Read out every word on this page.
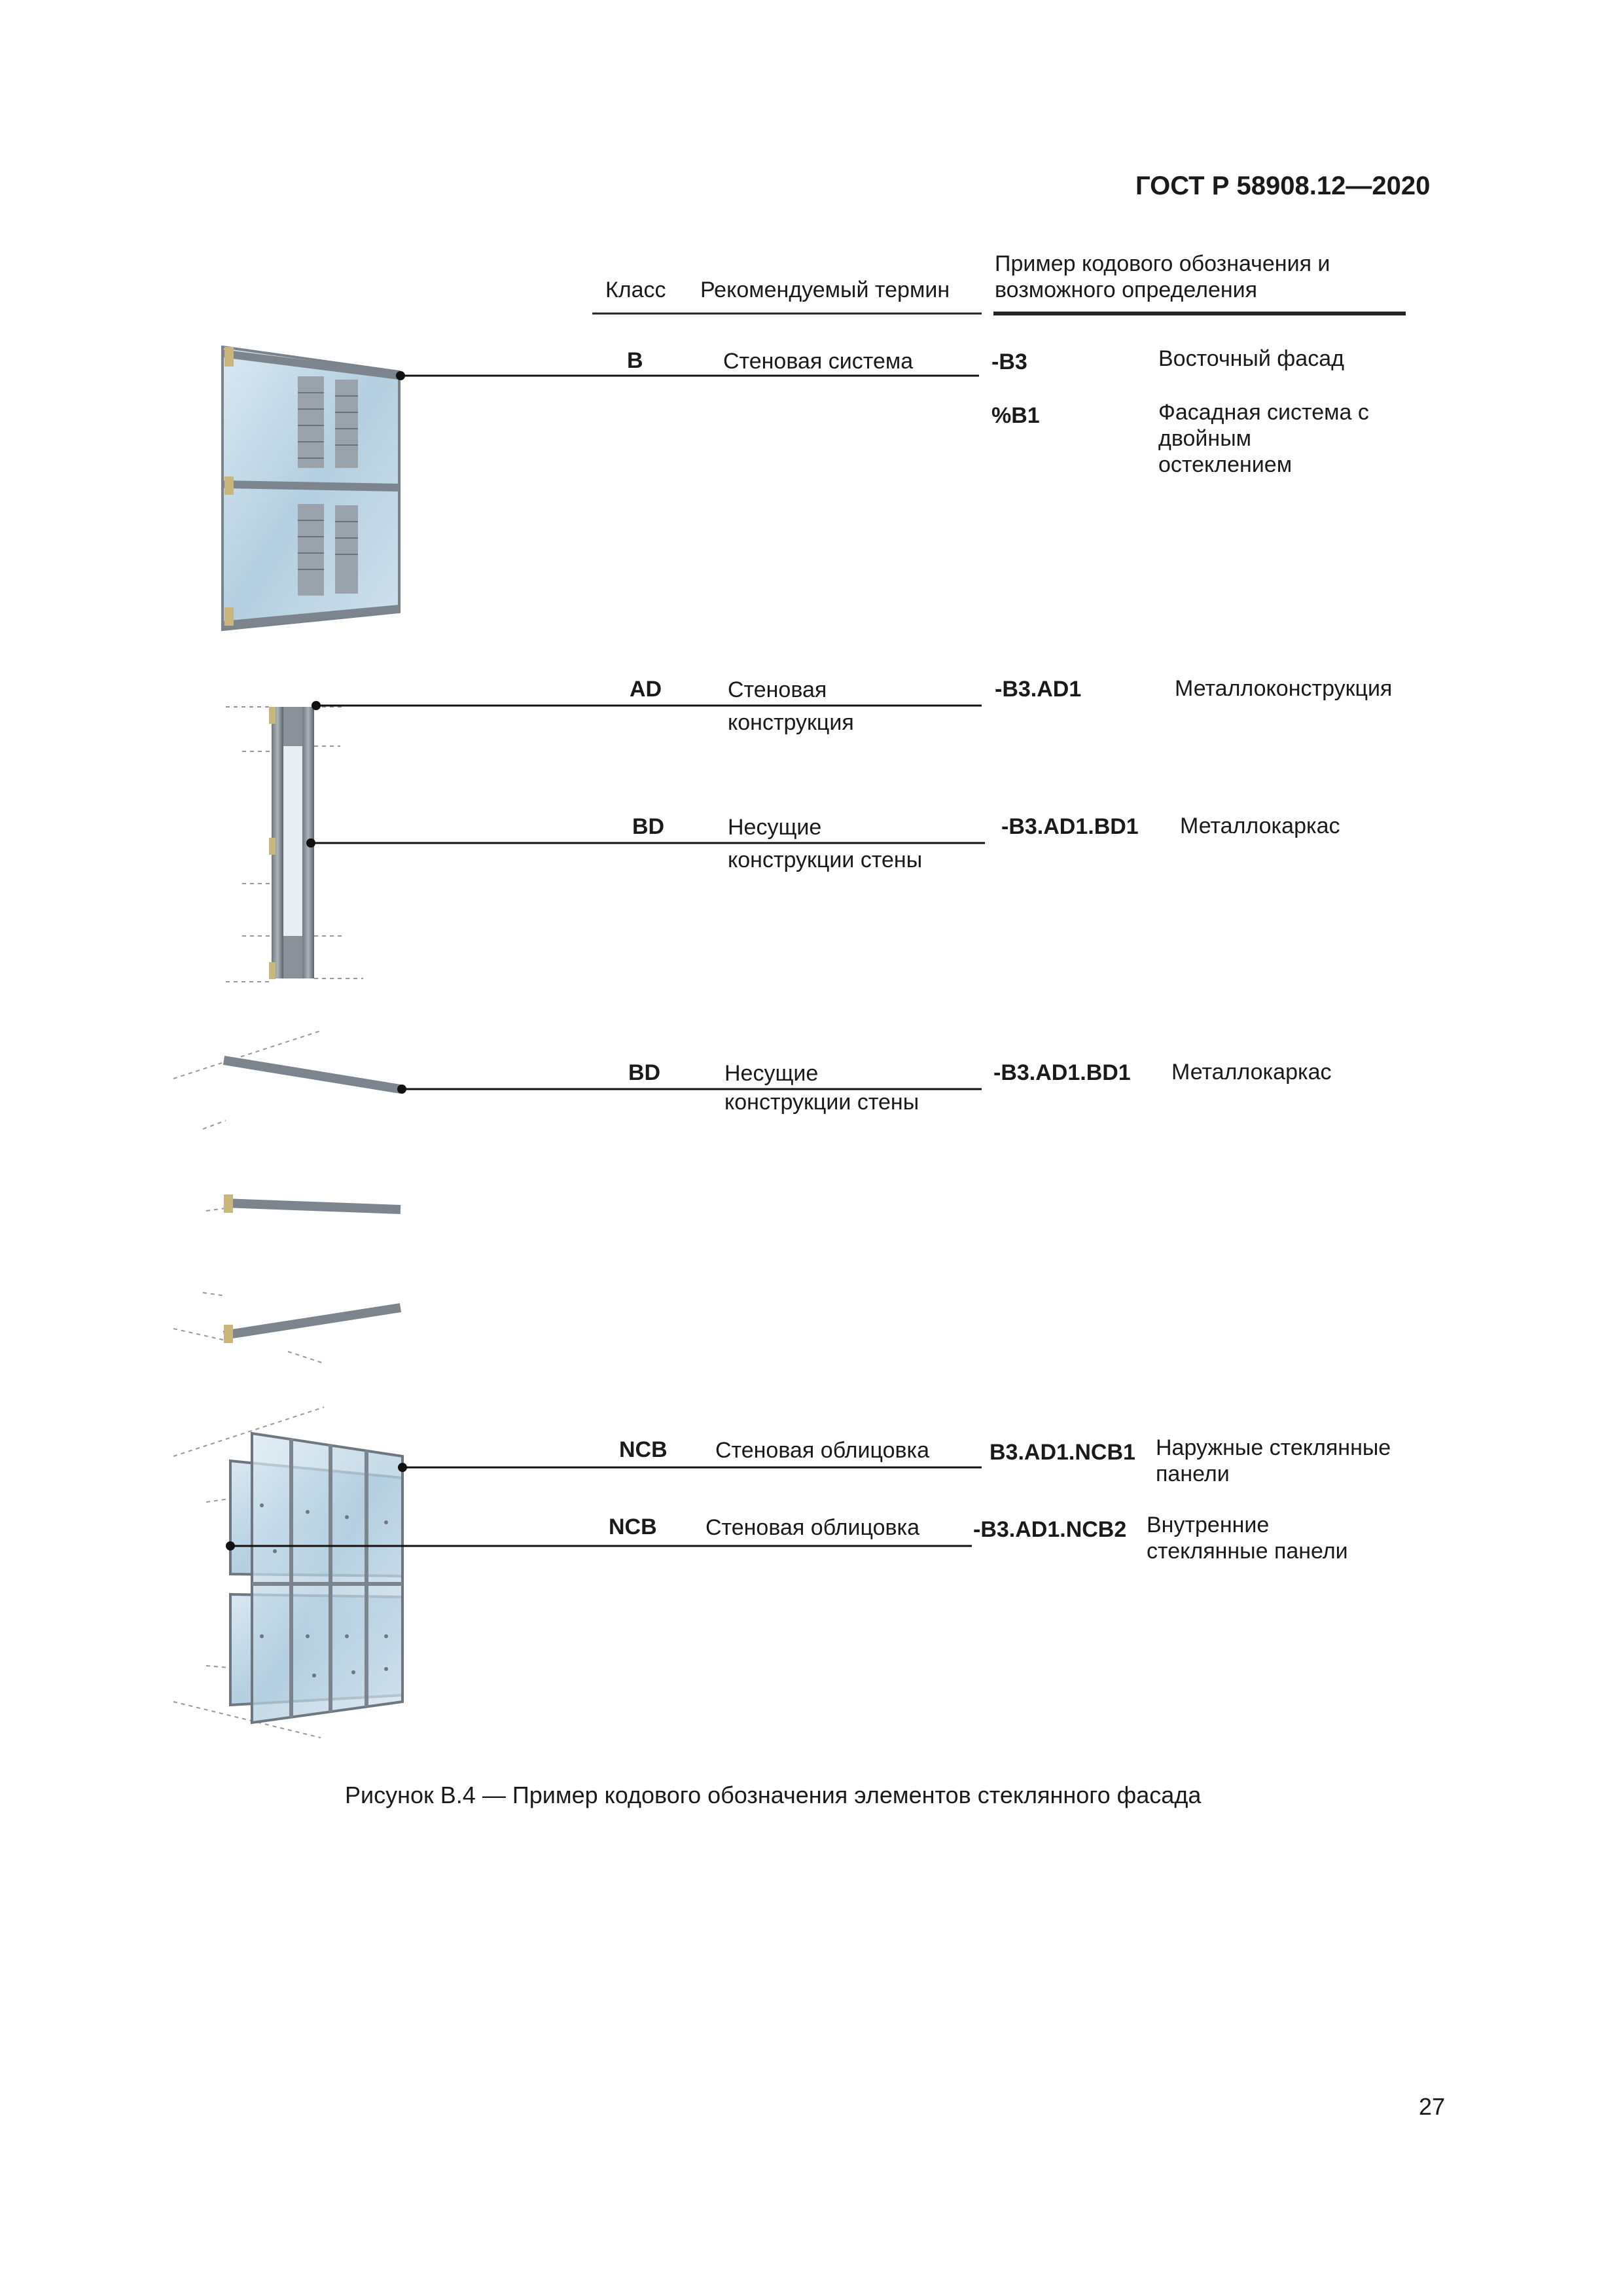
ГОСТ Р 58908.12—2020
Класс Рекомендуемый термин
Пример кодового обозначения и
возможного определения
B	Стеновая система	-B3	Восточный фасад
%B1	Фасадная система с
двойным
остеклением
AD	Стеновая
конструкция
-B3.AD1	Металлоконструкция
BD	Несущие
конструкции стены
-B3.AD1.BD1 Металлокаркас
BD	Несущие
конструкции стены
-B3.AD1.BD1 Металлокаркас
NCB Стеновая облицовка	B3.AD1.NCB1 Наружные стеклянные
панели
NCB Стеновая облицовка -B3.AD1.NCB2 Внутренние
стеклянные панели
Рисунок В.4 — Пример кодового обозначения элементов стеклянного фасада
27
